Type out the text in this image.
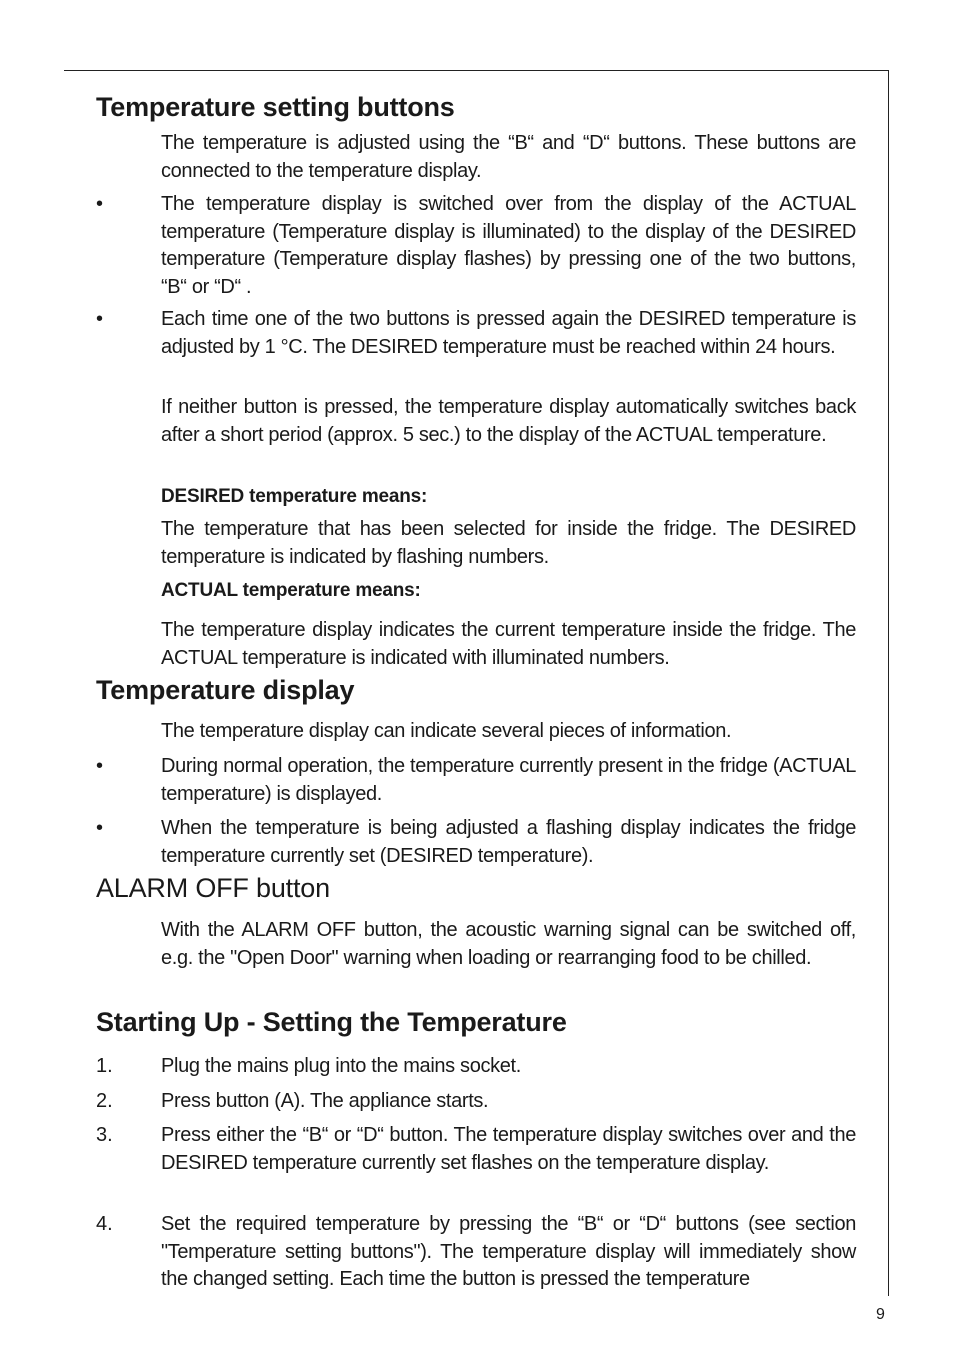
Temperature setting buttons

The temperature is adjusted using the “B“ and “D“ buttons. These buttons are connected to the temperature display.

•	The temperature display is switched over from the display of the ACTUAL temperature (Temperature display is illuminated) to the display of the DESIRED temperature (Temperature display flashes) by pressing one of the two buttons, “B“ or “D“ .

•	Each time one of the two buttons is pressed again the DESIRED temperature is adjusted by 1 °C. The DESIRED temperature must be reached within 24 hours.

If neither button is pressed, the temperature display automatically switches back after a short period (approx. 5 sec.) to the display of the ACTUAL temperature.

DESIRED temperature means:

The temperature that has been selected for inside the fridge. The DESIRED temperature is indicated by flashing numbers.

ACTUAL temperature means:

The temperature display indicates the current temperature inside the fridge. The ACTUAL temperature is indicated with illuminated numbers.

Temperature display

The temperature display can indicate several pieces of information.

•	During normal operation, the temperature currently present in the fridge (ACTUAL temperature) is displayed.

•	When the temperature is being adjusted a flashing display indicates the fridge temperature currently set (DESIRED temperature).

ALARM OFF button

With the ALARM OFF button, the acoustic warning signal can be switched off, e.g. the "Open Door" warning when loading or rearranging food to be chilled.

Starting Up - Setting the Temperature
1. Plug the mains plug into the mains socket.

2. Press button (A). The appliance starts.

3. Press either the “B“ or “D“ button. The temperature display switches over and the DESIRED temperature currently set flashes on the temperature display.

4. Set the required temperature by pressing the “B“ or “D“ buttons (see section "Temperature setting buttons"). The temperature display will immediately show the changed setting. Each time the button is pressed the temperature

9
